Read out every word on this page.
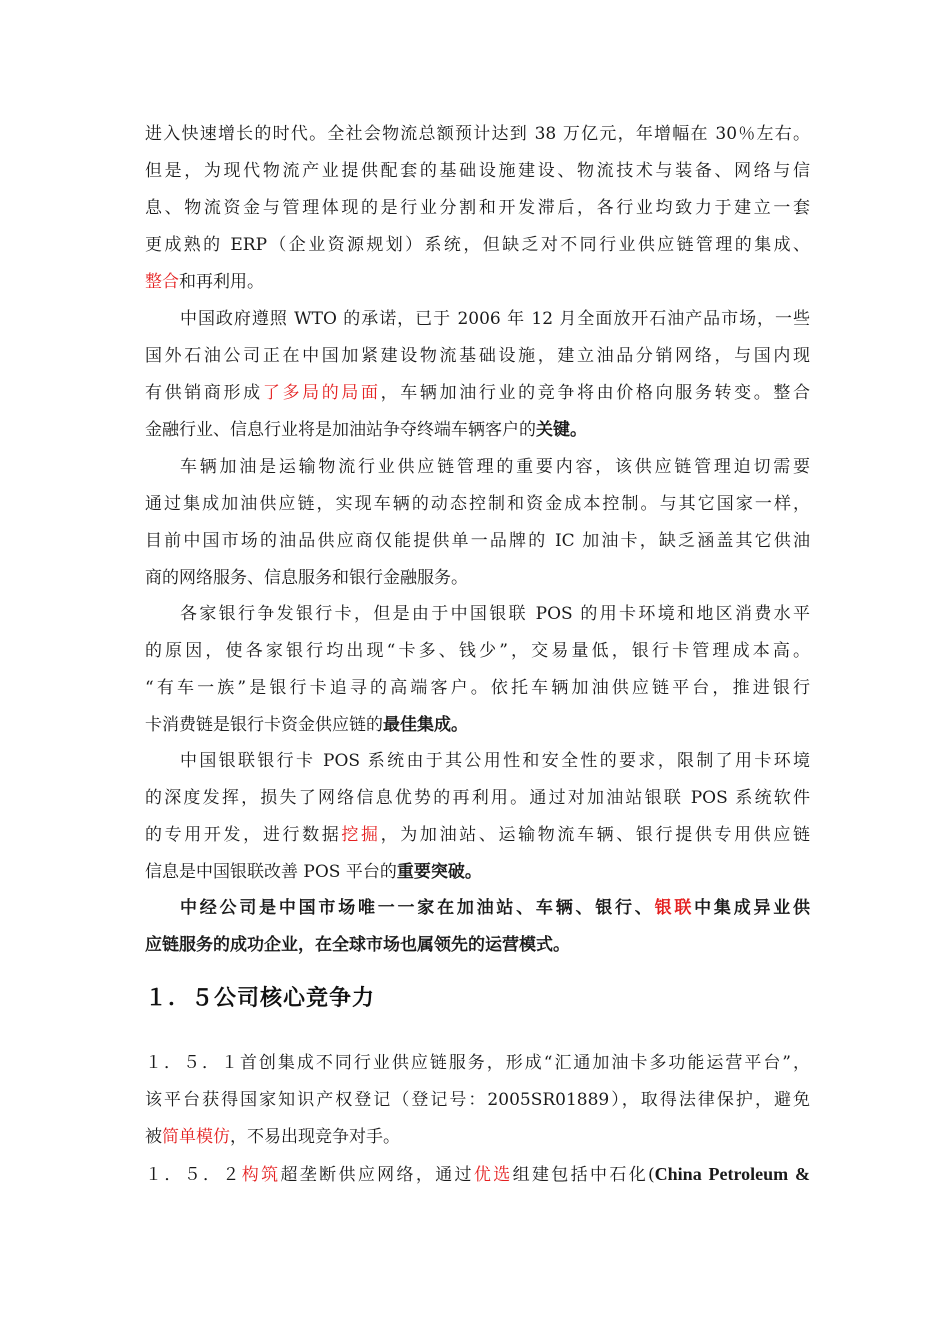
进入快速增长的时代。全社会物流总额预计达到 38 万亿元，年增幅在 30％左右。
但是，为现代物流产业提供配套的基础设施建设、物流技术与装备、网络与信
息、物流资金与管理体现的是行业分割和开发滞后，各行业均致力于建立一套
更成熟的 ERP（企业资源规划）系统，但缺乏对不同行业供应链管理的集成、
整合和再利用。
中国政府遵照 WTO 的承诺，已于 2006 年 12 月全面放开石油产品市场，一些
国外石油公司正在中国加紧建设物流基础设施，建立油品分销网络，与国内现
有供销商形成了多局的局面，车辆加油行业的竞争将由价格向服务转变。整合
金融行业、信息行业将是加油站争夺终端车辆客户的关键。
车辆加油是运输物流行业供应链管理的重要内容，该供应链管理迫切需要
通过集成加油供应链，实现车辆的动态控制和资金成本控制。与其它国家一样，
目前中国市场的油品供应商仅能提供单一品牌的 IC 加油卡，缺乏涵盖其它供油
商的网络服务、信息服务和银行金融服务。
各家银行争发银行卡，但是由于中国银联 POS 的用卡环境和地区消费水平
的原因，使各家银行均出现“卡多、钱少”，交易量低，银行卡管理成本高。
“有车一族”是银行卡追寻的高端客户。依托车辆加油供应链平台，推进银行
卡消费链是银行卡资金供应链的最佳集成。
中国银联银行卡 POS 系统由于其公用性和安全性的要求，限制了用卡环境
的深度发挥，损失了网络信息优势的再利用。通过对加油站银联 POS 系统软件
的专用开发，进行数据挖掘，为加油站、运输物流车辆、银行提供专用供应链
信息是中国银联改善 POS 平台的重要突破。
中经公司是中国市场唯一一家在加油站、车辆、银行、银联中集成异业供
应链服务的成功企业，在全球市场也属领先的运营模式。
１．５公司核心竞争力
１．５．１首创集成不同行业供应链服务，形成“汇通加油卡多功能运营平台”，
该平台获得国家知识产权登记（登记号：2005SR01889），取得法律保护，避免
被简单模仿，不易出现竞争对手。
１．５．２构筑超垄断供应网络，通过优选组建包括中石化(China Petroleum &
